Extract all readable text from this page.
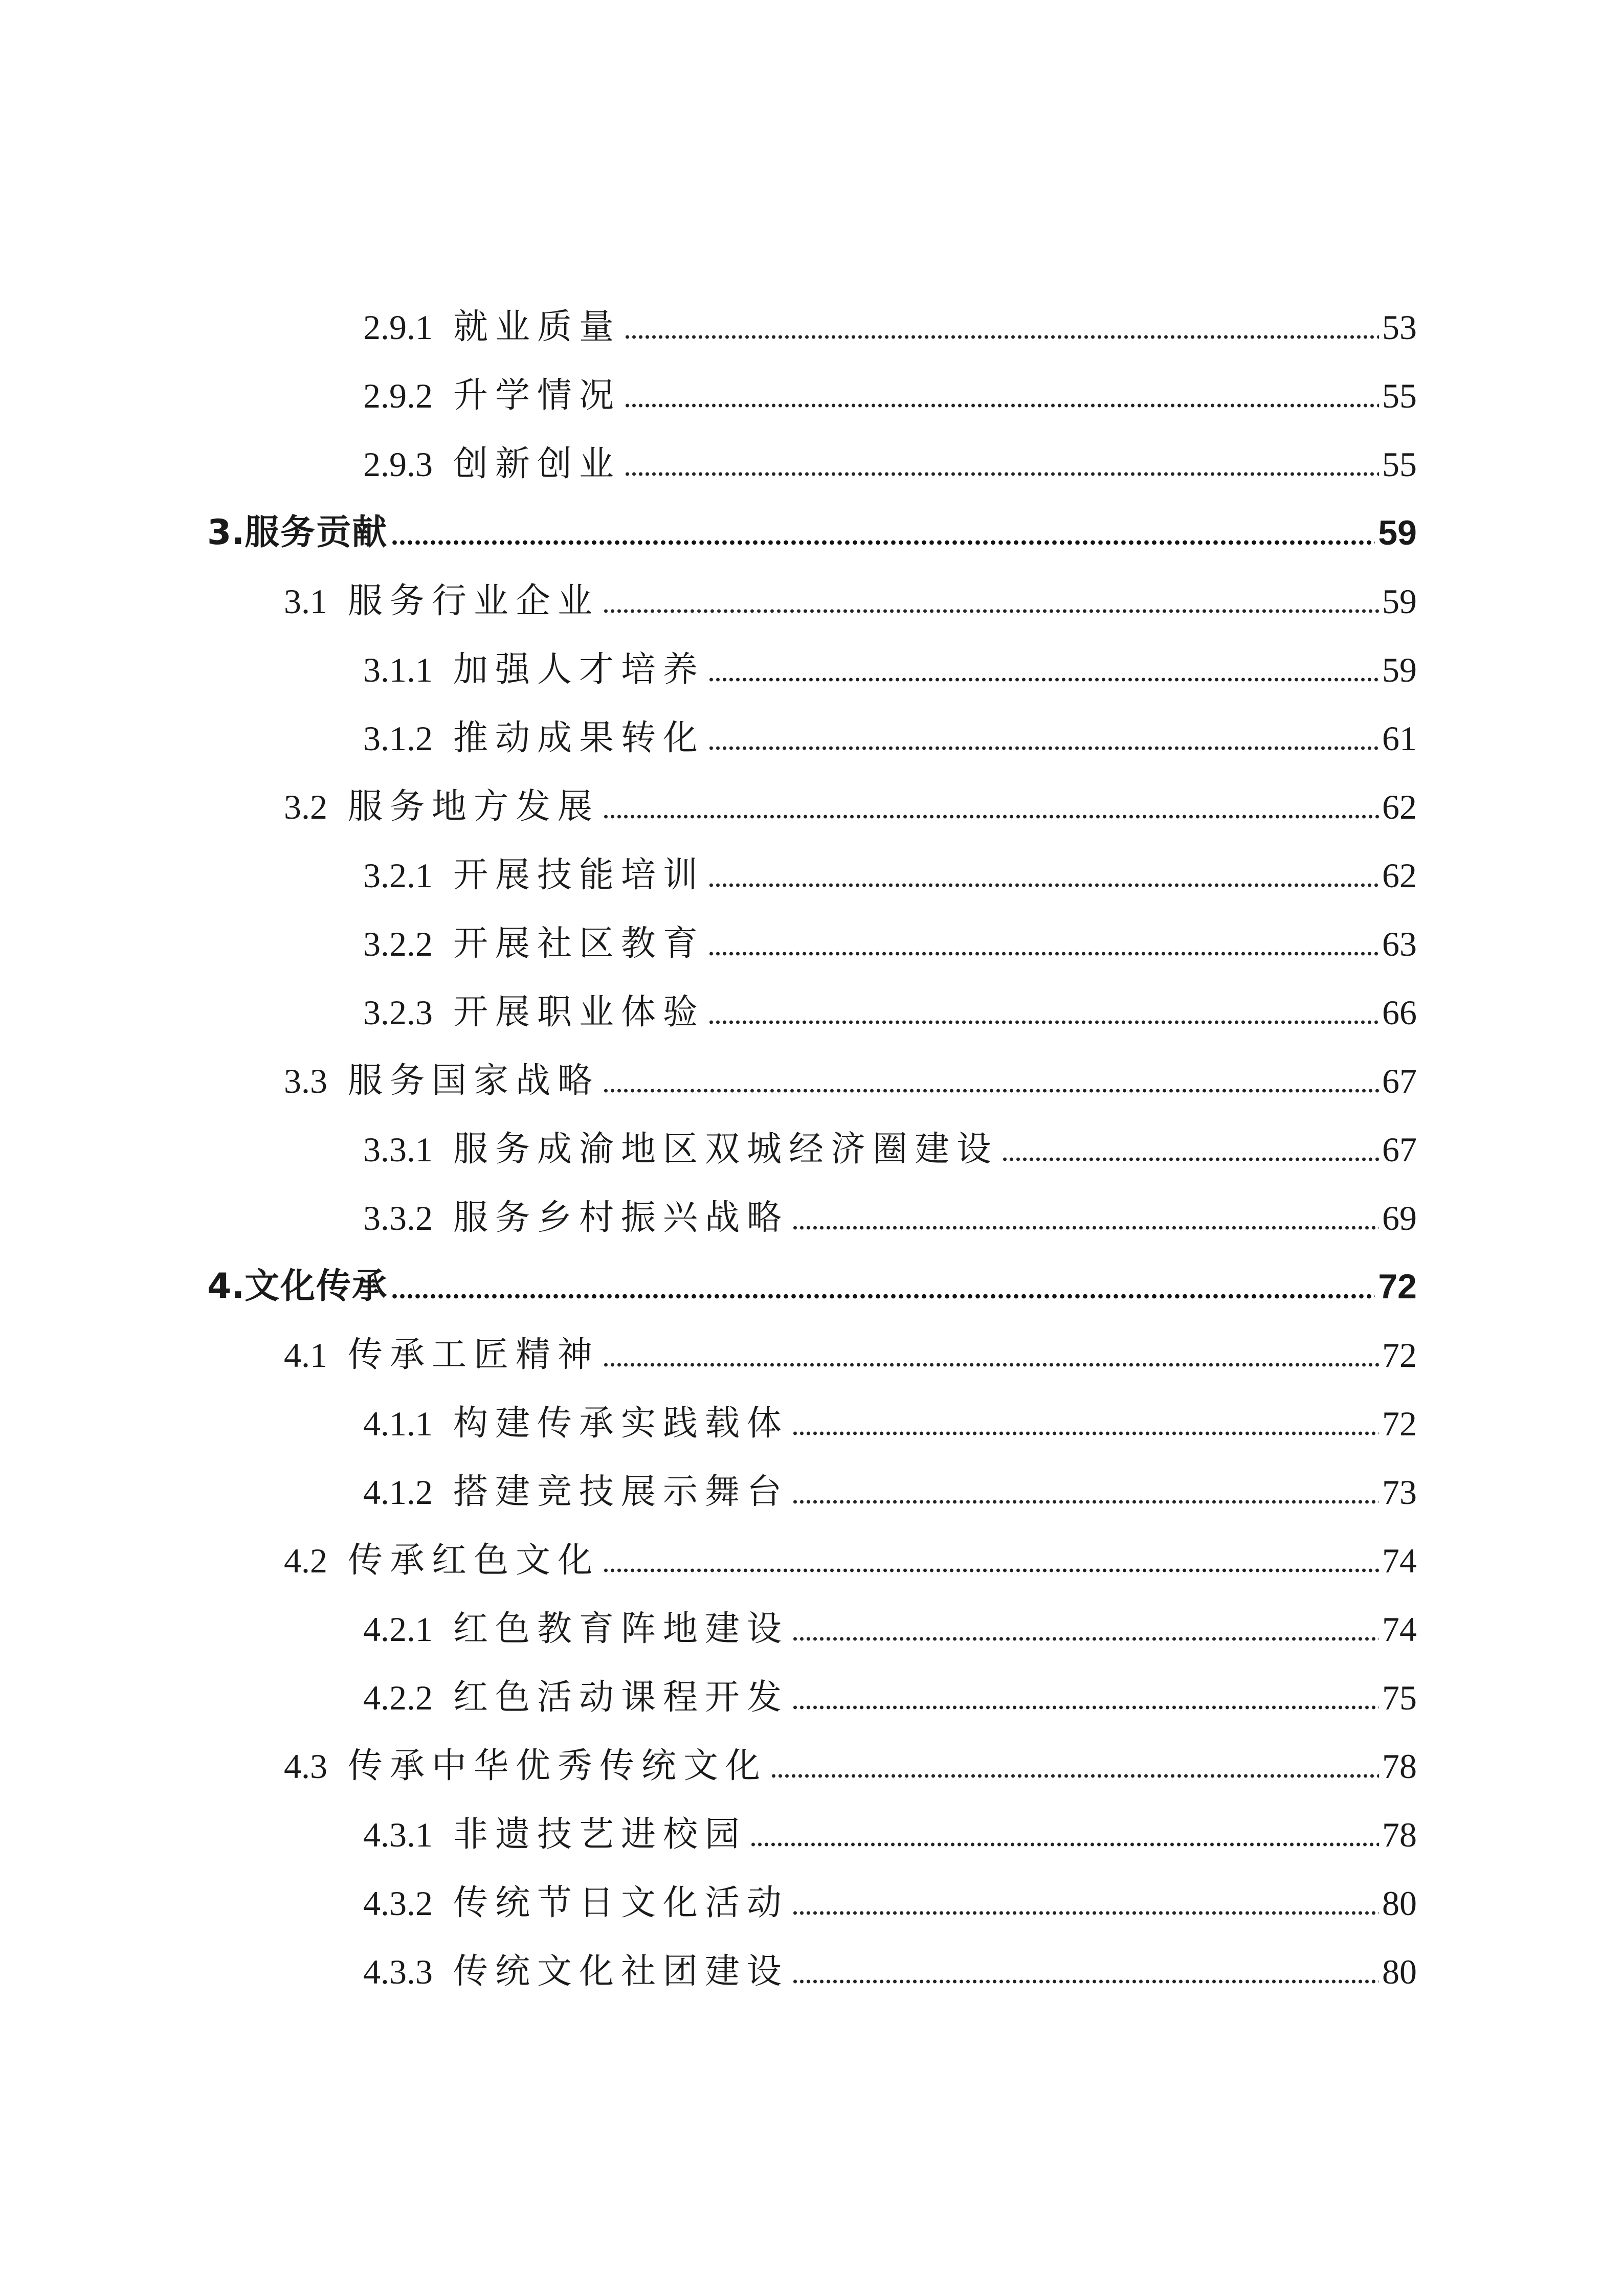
2.9.1 就业质量	53
2.9.2 升学情况	55
2.9.3 创新创业	55
3. 服务贡献	59
3.1 服务行业企业	59
3.1.1 加强人才培养	59
3.1.2 推动成果转化	61
3.2 服务地方发展	62
3.2.1 开展技能培训	62
3.2.2 开展社区教育	63
3.2.3 开展职业体验	66
3.3 服务国家战略	67
3.3.1 服务成渝地区双城经济圈建设	67
3.3.2 服务乡村振兴战略	69
4. 文化传承	72
4.1 传承工匠精神	72
4.1.1 构建传承实践载体	72
4.1.2 搭建竞技展示舞台	73
4.2 传承红色文化	74
4.2.1 红色教育阵地建设	74
4.2.2 红色活动课程开发	75
4.3 传承中华优秀传统文化	78
4.3.1 非遗技艺进校园	78
4.3.2 传统节日文化活动	80
4.3.3 传统文化社团建设	80
